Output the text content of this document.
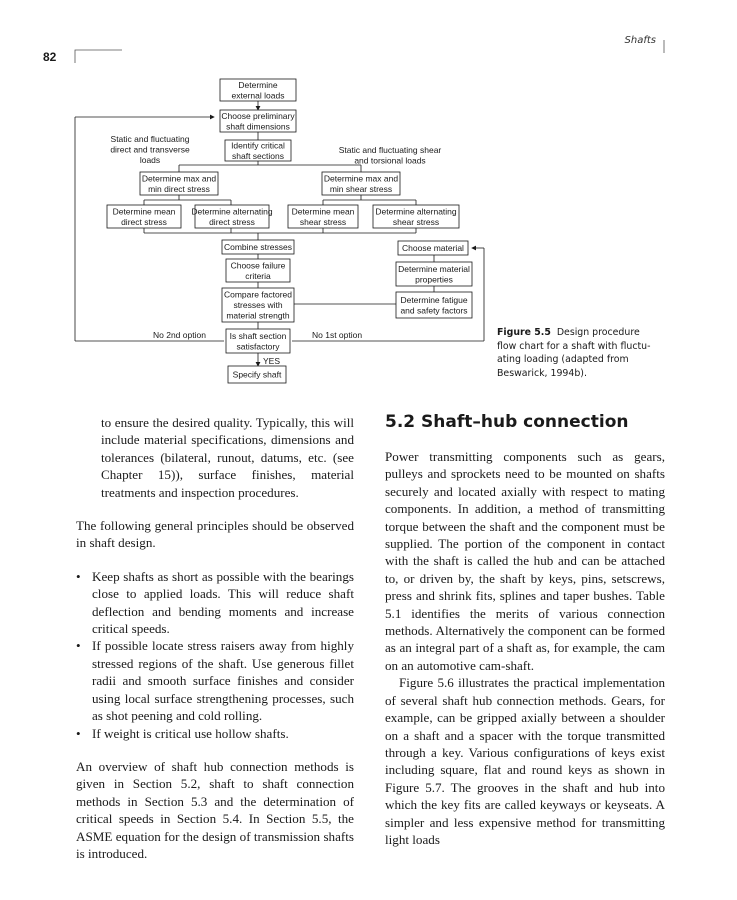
82
Shafts
Determine
external loads
Choose preliminary
shaft dimensions
Identify critical
shaft sections
Determine max and
min direct stress
Determine max and
min shear stress
Determine mean
direct stress
Determine alternating
direct stress
Determine mean
shear stress
Determine alternating
shear stress
Combine stresses
Choose failure
criteria
Compare factored
stresses with
material strength
Is shaft section
satisfactory
Specify shaft
Choose material
Determine material
properties
Determine fatigue
and safety factors
Static and fluctuating
direct and transverse
loads
Static and fluctuating shear
and torsional loads
No 2nd option	No 1st option
YES
Figure 5.5 Design procedure
flow chart for a shaft with fluctu-
ating loading (adapted from
Beswarick, 1994b).

to ensure the desired quality. Typically, this will include material specifications, dimensions and tolerances (bilateral, runout, datums, etc. (see Chapter 15)), surface finishes, material treatments and inspection procedures.

The following general principles should be observed in shaft design.

• Keep shafts as short as possible with the bearings close to applied loads. This will reduce shaft deflection and bending moments and increase critical speeds.
• If possible locate stress raisers away from highly stressed regions of the shaft. Use generous fillet radii and smooth surface finishes and consider using local surface strengthening processes, such as shot peening and cold rolling.
• If weight is critical use hollow shafts.

An overview of shaft hub connection methods is given in Section 5.2, shaft to shaft connection methods in Section 5.3 and the determination of critical speeds in Section 5.4. In Section 5.5, the ASME equation for the design of transmission shafts is introduced.

5.2 Shaft–hub connection

Power transmitting components such as gears, pulleys and sprockets need to be mounted on shafts securely and located axially with respect to mating components. In addition, a method of transmitting torque between the shaft and the component must be supplied. The portion of the component in contact with the shaft is called the hub and can be attached to, or driven by, the shaft by keys, pins, setscrews, press and shrink fits, splines and taper bushes. Table 5.1 identifies the merits of various connection methods. Alternatively the component can be formed as an integral part of a shaft as, for example, the cam on an automotive cam-shaft.

Figure 5.6 illustrates the practical implementation of several shaft hub connection methods. Gears, for example, can be gripped axially between a shoulder on a shaft and a spacer with the torque transmitted through a key. Various configurations of keys exist including square, flat and round keys as shown in Figure 5.7. The grooves in the shaft and hub into which the key fits are called keyways or keyseats. A simpler and less expensive method for transmitting light loads
